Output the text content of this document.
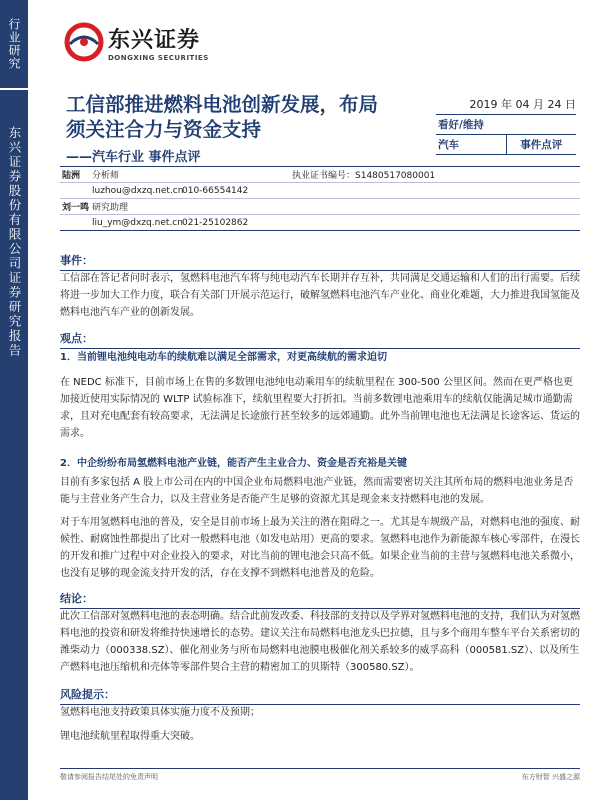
行业研究
东兴证券股份有限公司证券研究报告
东兴证券
DONGXING SECURITIES
工信部推进燃料电池创新发展，布局须关注合力与资金支持
——汽车行业 事件点评
2019 年 04 月 24 日
看好/维持
汽车	事件点评
陆洲	分析师	执业证书编号：S1480517080001
luzhou@dxzq.net.cn
010-66554142
刘一鸣 研究助理
liu_ym@dxzq.net.cn 021-25102862
事件：
工信部在答记者问时表示，氢燃料电池汽车将与纯电动汽车长期并存互补，共同满足交通运输和人们的出行需要。后续将进一步加大工作力度，联合有关部门开展示范运行，破解氢燃料电池汽车产业化、商业化难题，大力推进我国氢能及燃料电池汽车产业的创新发展。
观点：
1．当前锂电池纯电动车的续航难以满足全部需求，对更高续航的需求迫切
在 NEDC 标准下，目前市场上在售的多数锂电池纯电动乘用车的续航里程在 300-500 公里区间。然而在更严格也更加接近使用实际情况的 WLTP 试验标准下，续航里程要大打折扣。当前多数锂电池乘用车的续航仅能满足城市通勤需求，且对充电配套有较高要求，无法满足长途旅行甚至较多的远郊通勤。此外当前锂电池也无法满足长途客运、货运的需求。
2．中企纷纷布局氢燃料电池产业链，能否产生主业合力、资金是否充裕是关键
目前有多家包括 A 股上市公司在内的中国企业布局燃料电池产业链，然而需要密切关注其所布局的燃料电池业务是否能与主营业务产生合力，以及主营业务是否能产生足够的资源尤其是现金来支持燃料电池的发展。
对于车用氢燃料电池的普及，安全是目前市场上最为关注的潜在阻碍之一。尤其是车规级产品，对燃料电池的强度、耐候性、耐腐蚀性都提出了比对一般燃料电池（如发电站用）更高的要求。氢燃料电池作为新能源车核心零部件，在漫长的开发和推广过程中对企业投入的要求，对比当前的锂电池会只高不低。如果企业当前的主营与氢燃料电池关系微小，也没有足够的现金流支持开发的活，存在支撑不到燃料电池普及的危险。
结论：
此次工信部对氢燃料电池的表态明确。结合此前发改委、科技部的支持以及学界对氢燃料电池的支持，我们认为对氢燃料电池的投资和研发将维持快速增长的态势。建议关注布局燃料电池龙头巴拉德，且与多个商用车整车平台关系密切的潍柴动力（000338.SZ）、催化剂业务与所布局燃料电池膜电极催化剂关系较多的威孚高科（000581.SZ）、以及所生产燃料电池压缩机和壳体等零部件契合主营的精密加工的贝斯特（300580.SZ）。
风险提示：
氢燃料电池支持政策具体实施力度不及预期；
锂电池续航里程取得重大突破。
敬请参阅报告结尾处的免责声明	东方财智 兴盛之源
